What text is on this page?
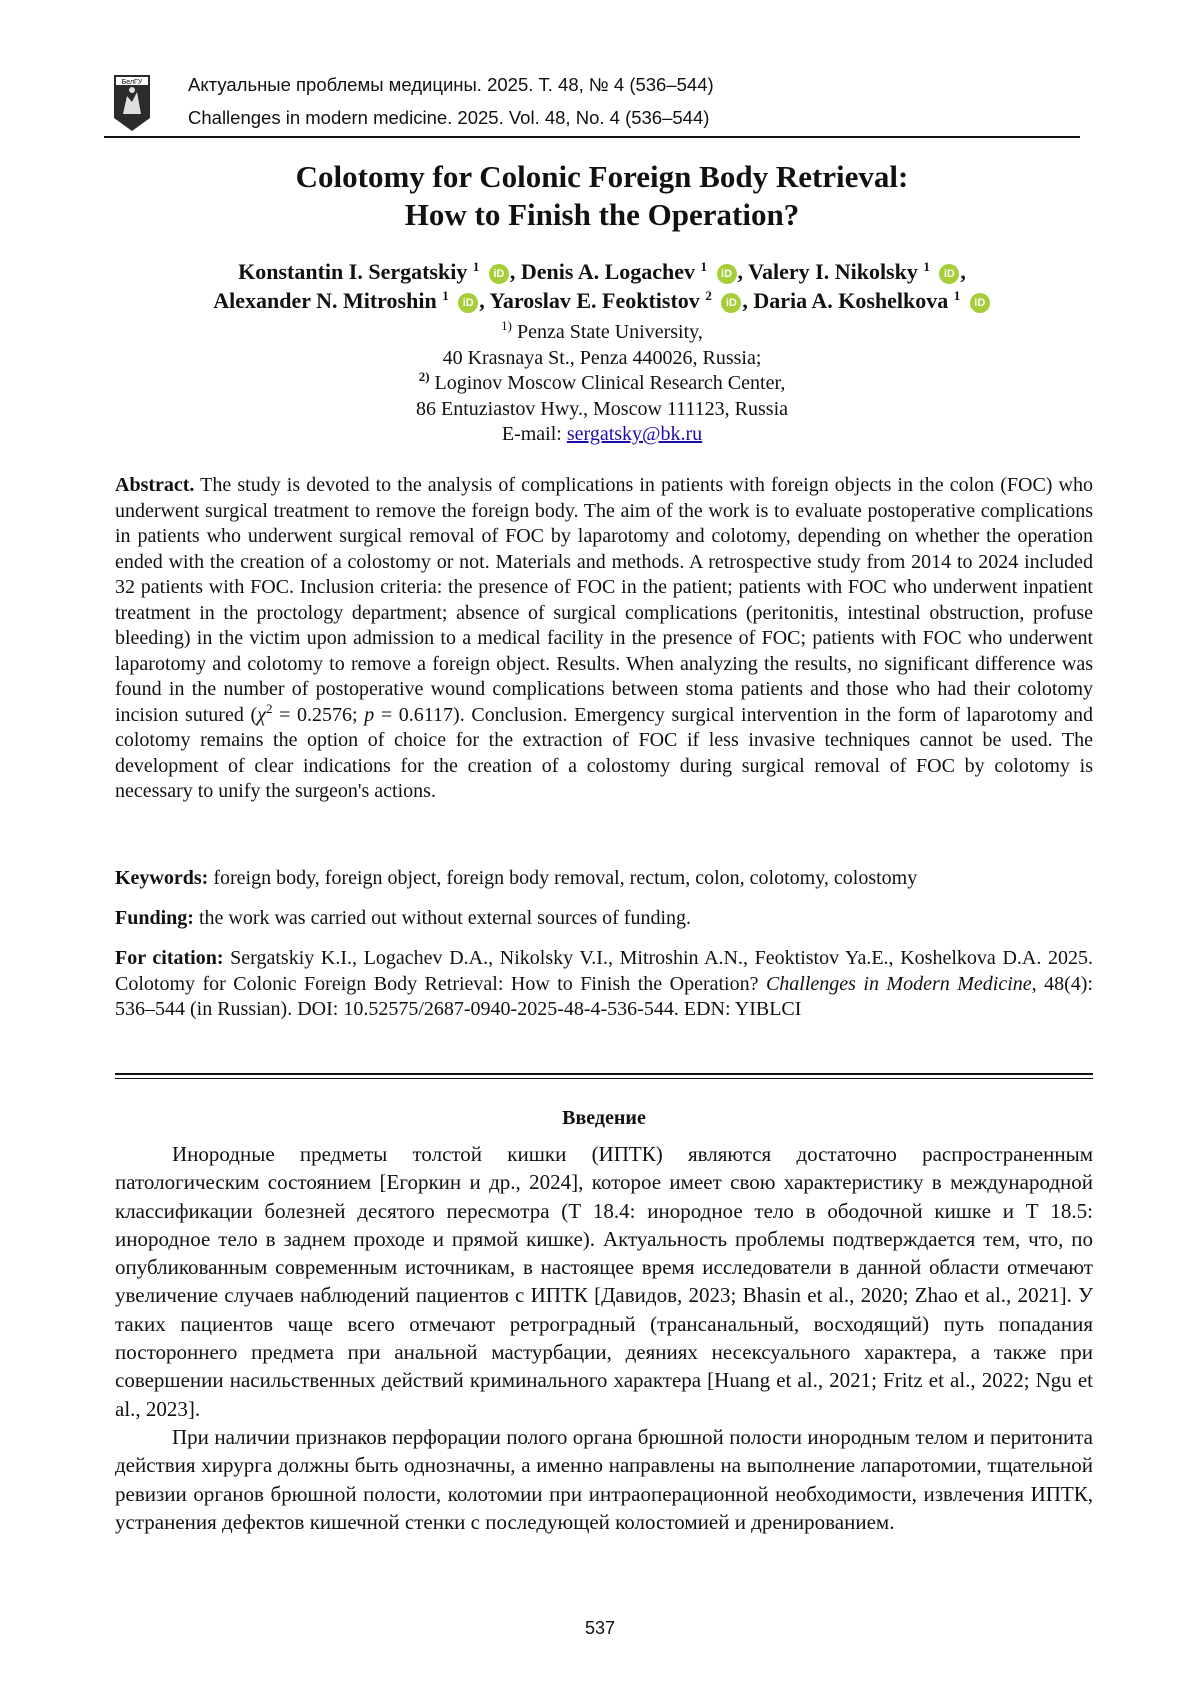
БелГУ Актуальные проблемы медицины. 2025. Т. 48, № 4 (536–544)
Challenges in modern medicine. 2025. Vol. 48, No. 4 (536–544)
Colotomy for Colonic Foreign Body Retrieval:
How to Finish the Operation?
Konstantin I. Sergatskiy $^1$ iD , Denis A. Logachev $^1$ iD , Valery I. Nikolsky $^1$ iD ,
Alexander N. Mitroshin $^1$ iD , Yaroslav E. Feoktistov $^2$ iD , Daria A. Koshelkova $^1$ iD
$^{1)}$ Penza State University,
40 Krasnaya St., Penza 440026, Russia;
$^{2)}$ Loginov Moscow Clinical Research Center,
86 Entuziastov Hwy., Moscow 111123, Russia
E-mail: sergatsky@bk.ru
Abstract. The study is devoted to the analysis of complications in patients with foreign objects in the colon (FOC) who underwent surgical treatment to remove the foreign body. The aim of the work is to evaluate postoperative complications in patients who underwent surgical removal of FOC by laparotomy and colotomy, depending on whether the operation ended with the creation of a colostomy or not. Materials and methods. A retrospective study from 2014 to 2024 included 32 patients with FOC. Inclusion criteria: the presence of FOC in the patient; patients with FOC who underwent inpatient treatment in the proctology department; absence of surgical complications (peritonitis, intestinal obstruction, profuse bleeding) in the victim upon admission to a medical facility in the presence of FOC; patients with FOC who underwent laparotomy and colotomy to remove a foreign object. Results. When analyzing the results, no significant difference was found in the number of postoperative wound complications between stoma patients and those who had their colotomy incision sutured ($\chi^2 = 0.2576$; p = 0.6117). Conclusion. Emergency surgical intervention in the form of laparotomy and colotomy remains the option of choice for the extraction of FOC if less invasive techniques cannot be used. The development of clear indications for the creation of a colostomy during surgical removal of FOC by colotomy is necessary to unify the surgeon's actions.
Keywords: foreign body, foreign object, foreign body removal, rectum, colon, colotomy, colostomy
Funding: the work was carried out without external sources of funding.
For citation: Sergatskiy K.I., Logachev D.A., Nikolsky V.I., Mitroshin A.N., Feoktistov Ya.E., Koshelkova D.A. 2025. Colotomy for Colonic Foreign Body Retrieval: How to Finish the Operation? Challenges in Modern Medicine, 48(4): 536–544 (in Russian). DOI: 10.52575/2687-0940-2025-48-4-536-544. EDN: YIBLCI
Введение

Инородные предметы толстой кишки (ИПТК) являются достаточно распространенным патологическим состоянием [Егоркин и др., 2024], которое имеет свою характеристику в международной классификации болезней десятого пересмотра (Т 18.4: инородное тело в ободочной кишке и Т 18.5: инородное тело в заднем проходе и прямой кишке). Актуальность проблемы подтверждается тем, что, по опубликованным современным источникам, в настоящее время исследователи в данной области отмечают увеличение случаев наблюдений пациентов с ИПТК [Давидов, 2023; Bhasin et al., 2020; Zhao et al., 2021]. У таких пациентов чаще всего отмечают ретроградный (трансанальный, восходящий) путь попадания постороннего предмета при анальной мастурбации, деяниях несексуального характера, а также при совершении насильственных действий криминального характера [Huang et al., 2021; Fritz et al., 2022; Ngu et al., 2023].

При наличии признаков перфорации полого органа брюшной полости инородным телом и перитонита действия хирурга должны быть однозначны, а именно направлены на выполнение лапаротомии, тщательной ревизии органов брюшной полости, колотомии при интраоперационной необходимости, извлечения ИПТК, устранения дефектов кишечной стенки с последующей колостомией и дренированием.

537
